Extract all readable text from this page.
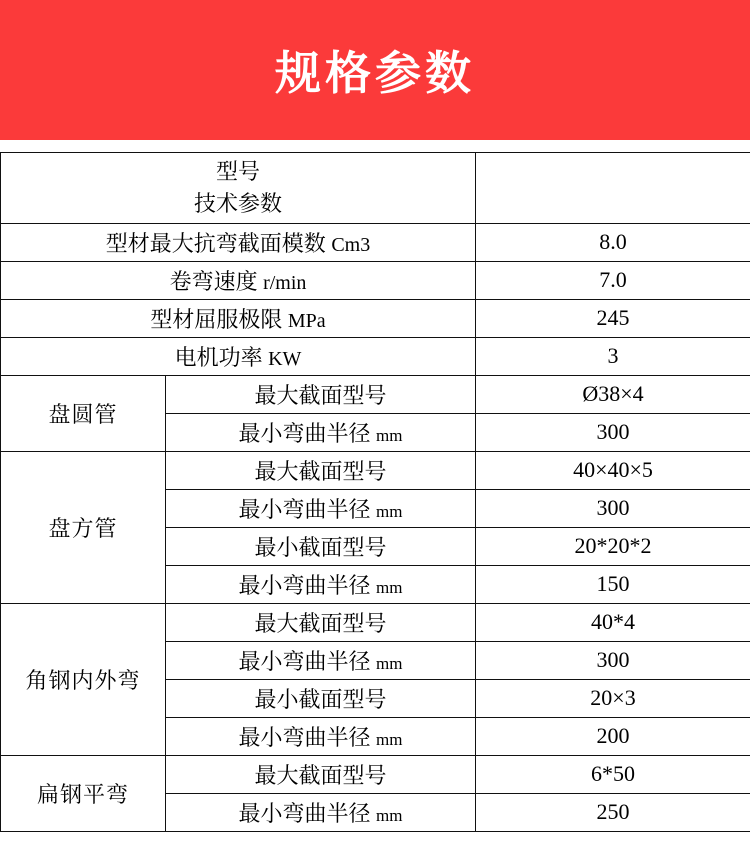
规格参数
型号
技术参数		

型材最大抗弯截面模数 Cm3		8.0
卷弯速度 r/min		7.0
型材屈服极限 MPa		245
电机功率 KW		3
盘圆管	最大截面型号	Ø38×4
	最小弯曲半径 mm	300
盘方管	最大截面型号	40×40×5
	最小弯曲半径 mm	300
	最小截面型号	20*20*2
	最小弯曲半径 mm	150
角钢内外弯	最大截面型号	40*4
	最小弯曲半径 mm	300
	最小截面型号	20×3
	最小弯曲半径 mm	200
扁钢平弯	最大截面型号	6*50
	最小弯曲半径 mm	250
